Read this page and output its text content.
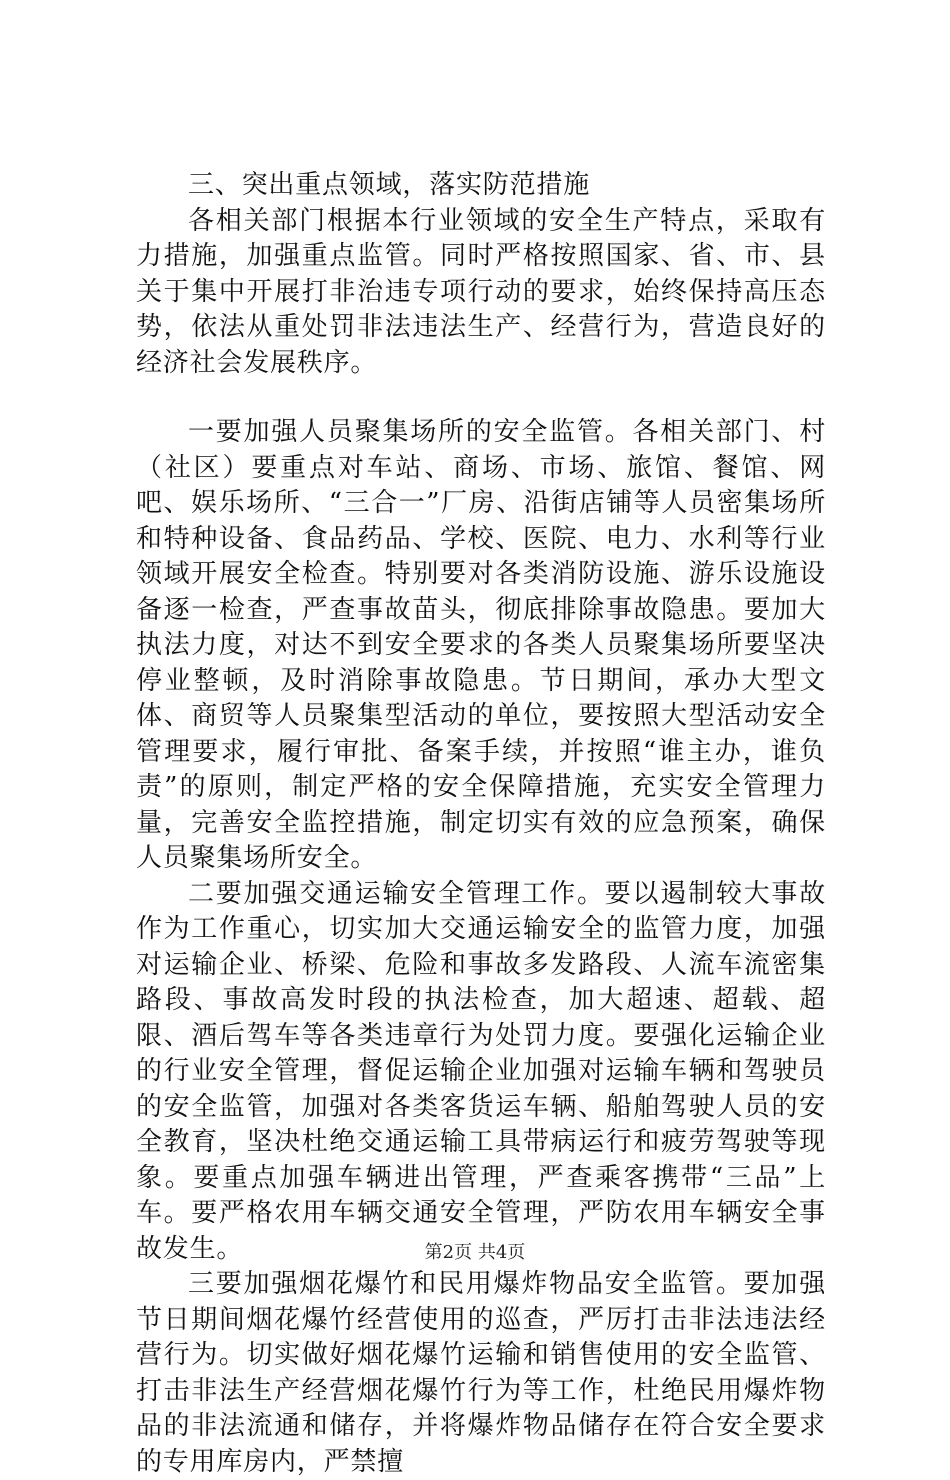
三、突出重点领域，落实防范措施

各相关部门根据本行业领域的安全生产特点，采取有力措施，加强重点监管。同时严格按照国家、省、市、县关于集中开展打非治违专项行动的要求，始终保持高压态势，依法从重处罚非法违法生产、经营行为，营造良好的经济社会发展秩序。

一要加强人员聚集场所的安全监管。各相关部门、村（社区）要重点对车站、商场、市场、旅馆、餐馆、网吧、娱乐场所、“三合一”厂房、沿街店铺等人员密集场所和特种设备、食品药品、学校、医院、电力、水利等行业领域开展安全检查。特别要对各类消防设施、游乐设施设备逐一检查，严查事故苗头，彻底排除事故隐患。要加大执法力度，对达不到安全要求的各类人员聚集场所要坚决停业整顿，及时消除事故隐患。节日期间，承办大型文体、商贸等人员聚集型活动的单位，要按照大型活动安全管理要求，履行审批、备案手续，并按照“谁主办，谁负责”的原则，制定严格的安全保障措施，充实安全管理力量，完善安全监控措施，制定切实有效的应急预案，确保人员聚集场所安全。

二要加强交通运输安全管理工作。要以遏制较大事故作为工作重心，切实加大交通运输安全的监管力度，加强对运输企业、桥梁、危险和事故多发路段、人流车流密集路段、事故高发时段的执法检查，加大超速、超载、超限、酒后驾车等各类违章行为处罚力度。要强化运输企业的行业安全管理，督促运输企业加强对运输车辆和驾驶员的安全监管，加强对各类客货运车辆、船舶驾驶人员的安全教育，坚决杜绝交通运输工具带病运行和疲劳驾驶等现象。要重点加强车辆进出管理，严查乘客携带“三品”上车。要严格农用车辆交通安全管理，严防农用车辆安全事故发生。

三要加强烟花爆竹和民用爆炸物品安全监管。要加强节日期间烟花爆竹经营使用的巡查，严厉打击非法违法经营行为。切实做好烟花爆竹运输和销售使用的安全监管、打击非法生产经营烟花爆竹行为等工作，杜绝民用爆炸物品的非法流通和储存，并将爆炸物品储存在符合安全要求的专用库房内，严禁擅

第2页 共4页
